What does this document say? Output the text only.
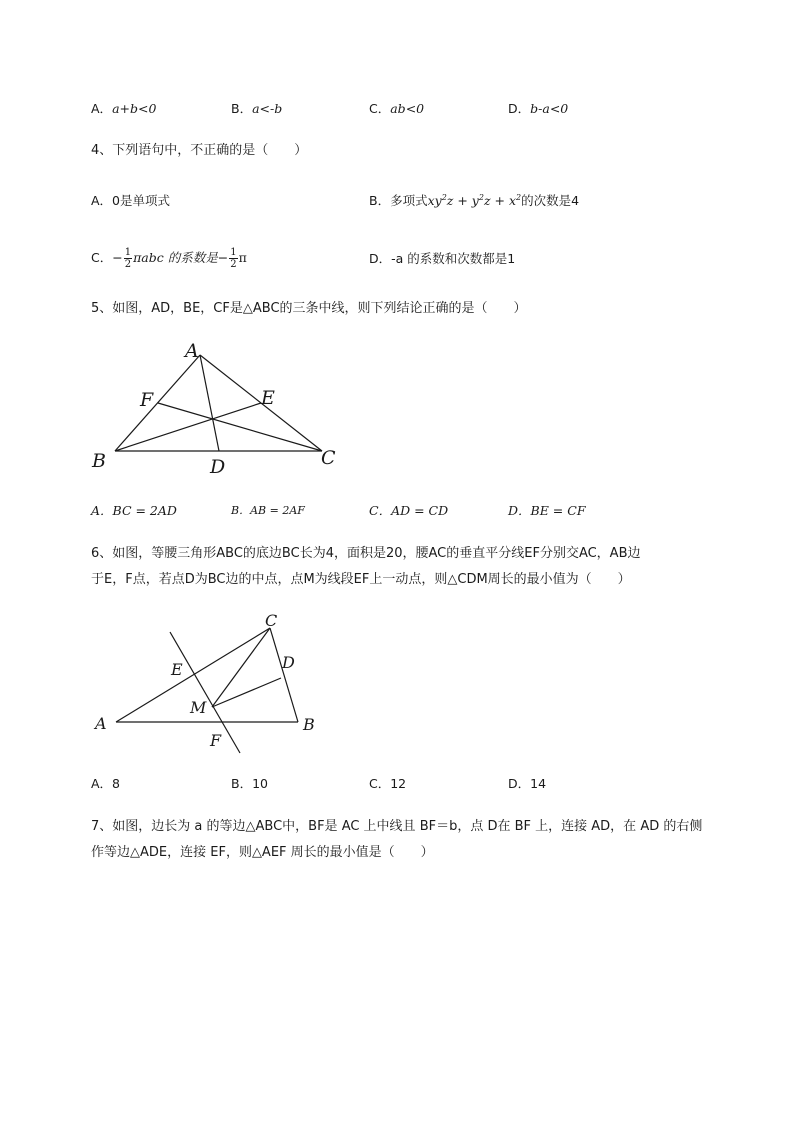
A．a+b<0	B．a<-b	C．ab<0	D．b-a<0
4、下列语句中，不正确的是（　　）
A．0是单项式	B．多项式$xy^2z + y^2z + x^2$的次数是4
C．− $\frac{1}{2}$ πabc 的系数是− $\frac{1}{2}$ π	D．-a 的系数和次数都是1
5、如图，AD，BE，CF是△ABC的三条中线，则下列结论正确的是（　　）
A
B	C
D
E
F
A．BC = 2AD	B．AB = 2AF	C．AD = CD	D．BE = CF
6、如图，等腰三角形ABC的底边BC长为4，面积是20，腰AC的垂直平分线EF分别交AC，AB边
于E，F点，若点D为BC边的中点，点M为线段EF上一动点，则△CDM周长的最小值为（　　）
A	B
C
D
E
F
M
A．8	B．10	C．12	D．14
7、如图，边长为 a 的等边△ABC中，BF是 AC 上中线且 BF＝b，点 D在 BF 上，连接 AD，在 AD 的右侧
作等边△ADE，连接 EF，则△AEF 周长的最小值是（　　）
